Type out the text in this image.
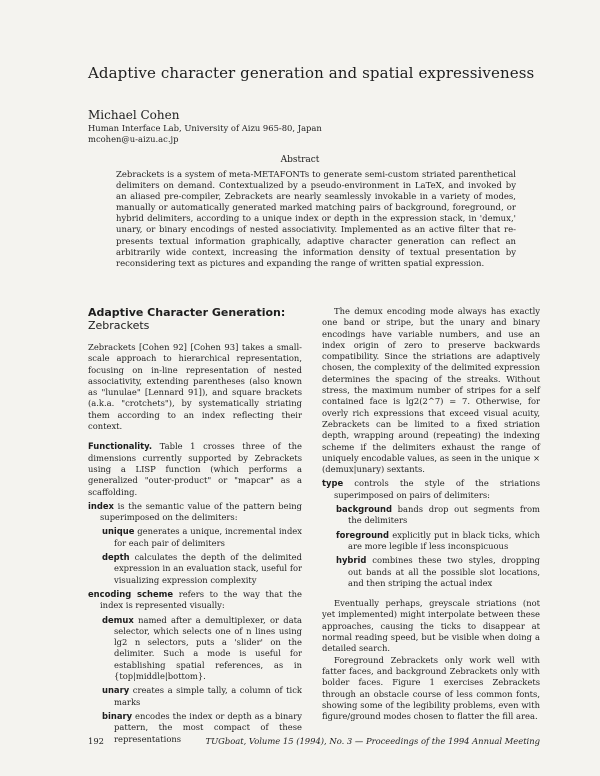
Adaptive character generation and spatial expressiveness
Michael Cohen
Human Interface Lab, University of Aizu 965-80, Japan
mcohen@u-aizu.ac.jp
Abstract

Zebrackets is a system of meta-METAFONTs to generate semi-custom striated parenthetical delimiters on demand. Contextualized by a pseudo-environment in LaTeX, and invoked by an aliased pre-compiler, Zebrackets are nearly seamlessly invokable in a variety of modes, manually or automatically generated marked matching pairs of background, foreground, or hybrid delimiters, according to a unique index or depth in the expression stack, in 'demux,' unary, or binary encodings of nested associativity. Implemented as an active filter that re-presents textual information graphically, adaptive character generation can reflect an arbitrarily wide context, increasing the information density of textual presentation by reconsidering text as pictures and expanding the range of written spatial expression.

Adaptive Character Generation:
Zebrackets

Zebrackets [Cohen 92] [Cohen 93] takes a small-scale approach to hierarchical representation, focusing on in-line representation of nested associativity, extending parentheses (also known as "lunulae" [Lennard 91]), and square brackets (a.k.a. "crotchets"), by systematically striating them according to an index reflecting their context.

Functionality. Table 1 crosses three of the dimensions currently supported by Zebrackets using a LISP function (which performs a generalized "outer-product" or "mapcar" as a scaffolding.

index is the semantic value of the pattern being superimposed on the delimiters:

unique generates a unique, incremental index for each pair of delimiters

depth calculates the depth of the delimited expression in an evaluation stack, useful for visualizing expression complexity

encoding scheme refers to the way that the index is represented visually:

demux named after a demultiplexer, or data selector, which selects one of n lines using lg2 n selectors, puts a 'slider' on the delimiter. Such a mode is useful for establishing spatial references, as in {top|middle|bottom}.

unary creates a simple tally, a column of tick marks

binary encodes the index or depth as a binary pattern, the most compact of these representations

The demux encoding mode always has exactly one band or stripe, but the unary and binary encodings have variable numbers, and use an index origin of zero to preserve backwards compatibility. Since the striations are adaptively chosen, the complexity of the delimited expression determines the spacing of the streaks. Without stress, the maximum number of stripes for a self contained face is lg2(2^7) = 7. Otherwise, for overly rich expressions that exceed visual acuity, Zebrackets can be limited to a fixed striation depth, wrapping around (repeating) the indexing scheme if the delimiters exhaust the range of uniquely encodable values, as seen in the unique × (demux|unary) sextants.

type controls the style of the striations superimposed on pairs of delimiters:

background bands drop out segments from the delimiters

foreground explicitly put in black ticks, which are more legible if less inconspicuous

hybrid combines these two styles, dropping out bands at all the possible slot locations, and then striping the actual index

Eventually perhaps, greyscale striations (not yet implemented) might interpolate between these approaches, causing the ticks to disappear at normal reading speed, but be visible when doing a detailed search.

Foreground Zebrackets only work well with fatter faces, and background Zebrackets only with bolder faces. Figure 1 exercises Zebrackets through an obstacle course of less common fonts, showing some of the legibility problems, even with figure/ground modes chosen to flatter the fill area.

192	TUGboat, Volume 15 (1994), No. 3 — Proceedings of the 1994 Annual Meeting
